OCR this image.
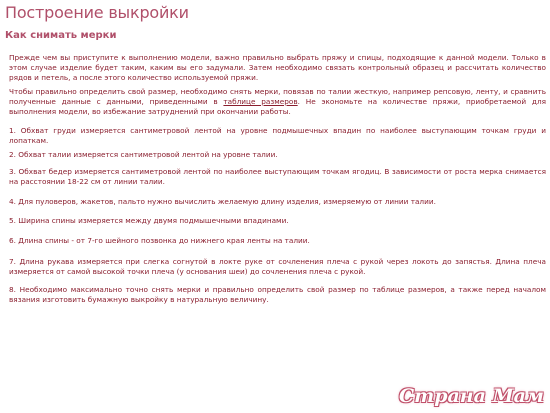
Построение выкройки
Как снимать мерки

Прежде чем вы приступите к выполнению модели, важно правильно выбрать пряжу и спицы, подходящие к данной модели. Только в этом случае изделие будет таким, каким вы его задумали. Затем необходимо связать контрольный образец и рассчитать количество рядов и петель, а после этого количество используемой пряжи.

Чтобы правильно определить свой размер, необходимо снять мерки, повязав по талии жесткую, например репсовую, ленту, и сравнить полученные данные с данными, приведенными в таблице размеров. Не экономьте на количестве пряжи, приобретаемой для выполнения модели, во избежание затруднений при окончании работы.

1. Обхват груди измеряется сантиметровой лентой на уровне подмышечных впадин по наиболее выступающим точкам груди и лопаткам.

2. Обхват талии измеряется сантиметровой лентой на уровне талии.

3. Обхват бедер измеряется сантиметровой лентой по наиболее выступающим точкам ягодиц. В зависимости от роста мерка снимается на расстоянии 18-22 см от линии талии.

4. Для пуловеров, жакетов, пальто нужно вычислить желаемую длину изделия, измеряемую от линии талии.

5. Ширина спины измеряется между двумя подмышечными впадинами.

6. Длина спины - от 7-го шейного позвонка до нижнего края ленты на талии.

7. Длина рукава измеряется при слегка согнутой в локте руке от сочленения плеча с рукой через локоть до запястья. Длина плеча измеряется от самой высокой точки плеча (у основания шеи) до сочленения плеча с рукой.

8. Необходимо максимально точно снять мерки и правильно определить свой размер по таблице размеров, а также перед началом вязания изготовить бумажную выкройку в натуральную величину.

Страна Мам
